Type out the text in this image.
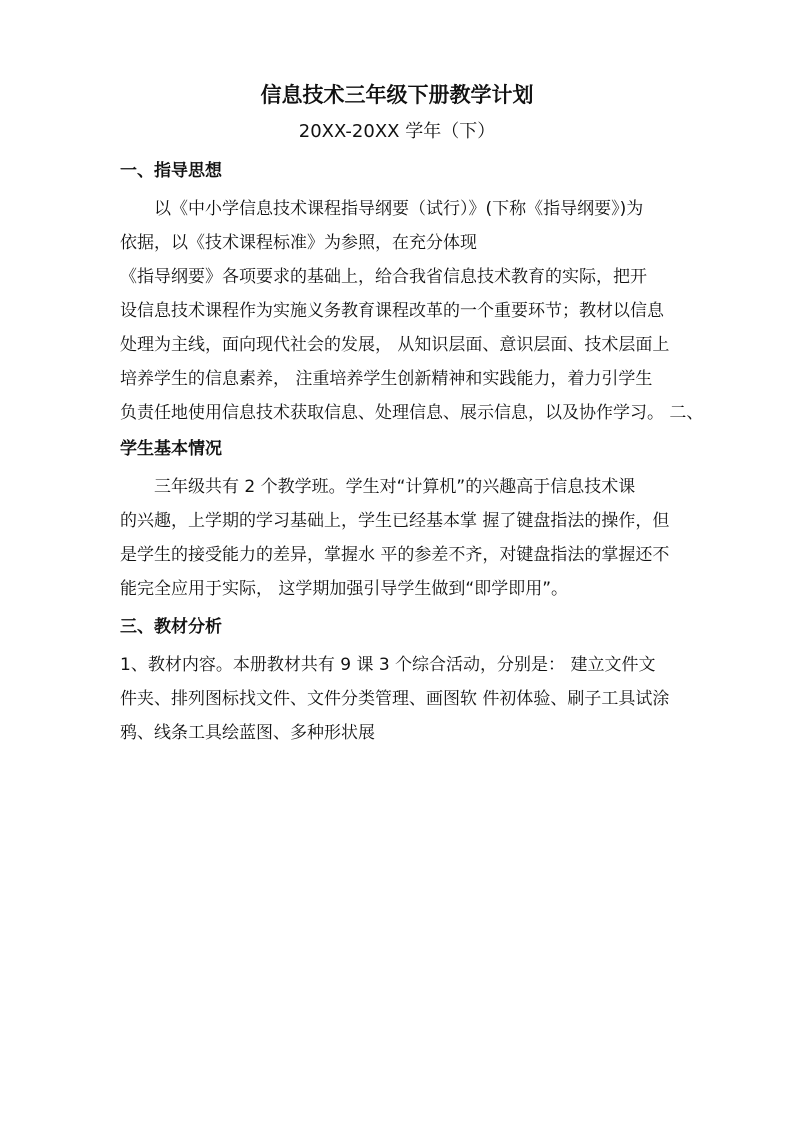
信息技术三年级下册教学计划
20XX-20XX 学年（下）
一、指导思想
以《中小学信息技术课程指导纲要（试行）》(下称《指导纲要》)为
依据，以《技术课程标准》为参照，在充分体现
《指导纲要》各项要求的基础上，给合我省信息技术教育的实际，把开
设信息技术课程作为实施义务教育课程改革的一个重要环节；教材以信息
处理为主线，面向现代社会的发展， 从知识层面、意识层面、技术层面上
培养学生的信息素养， 注重培养学生创新精神和实践能力，着力引学生
负责任地使用信息技术获取信息、处理信息、展示信息，以及协作学习。 二、
学生基本情况
三年级共有 2 个教学班。学生对“计算机”的兴趣高于信息技术课
的兴趣，上学期的学习基础上，学生已经基本掌 握了键盘指法的操作，但
是学生的接受能力的差异，掌握水 平的参差不齐，对键盘指法的掌握还不
能完全应用于实际， 这学期加强引导学生做到“即学即用”。
三、教材分析
1、教材内容。本册教材共有 9 课 3 个综合活动，分别是： 建立文件文
件夹、排列图标找文件、文件分类管理、画图软 件初体验、刷子工具试涂
鸦、线条工具绘蓝图、多种形状展
